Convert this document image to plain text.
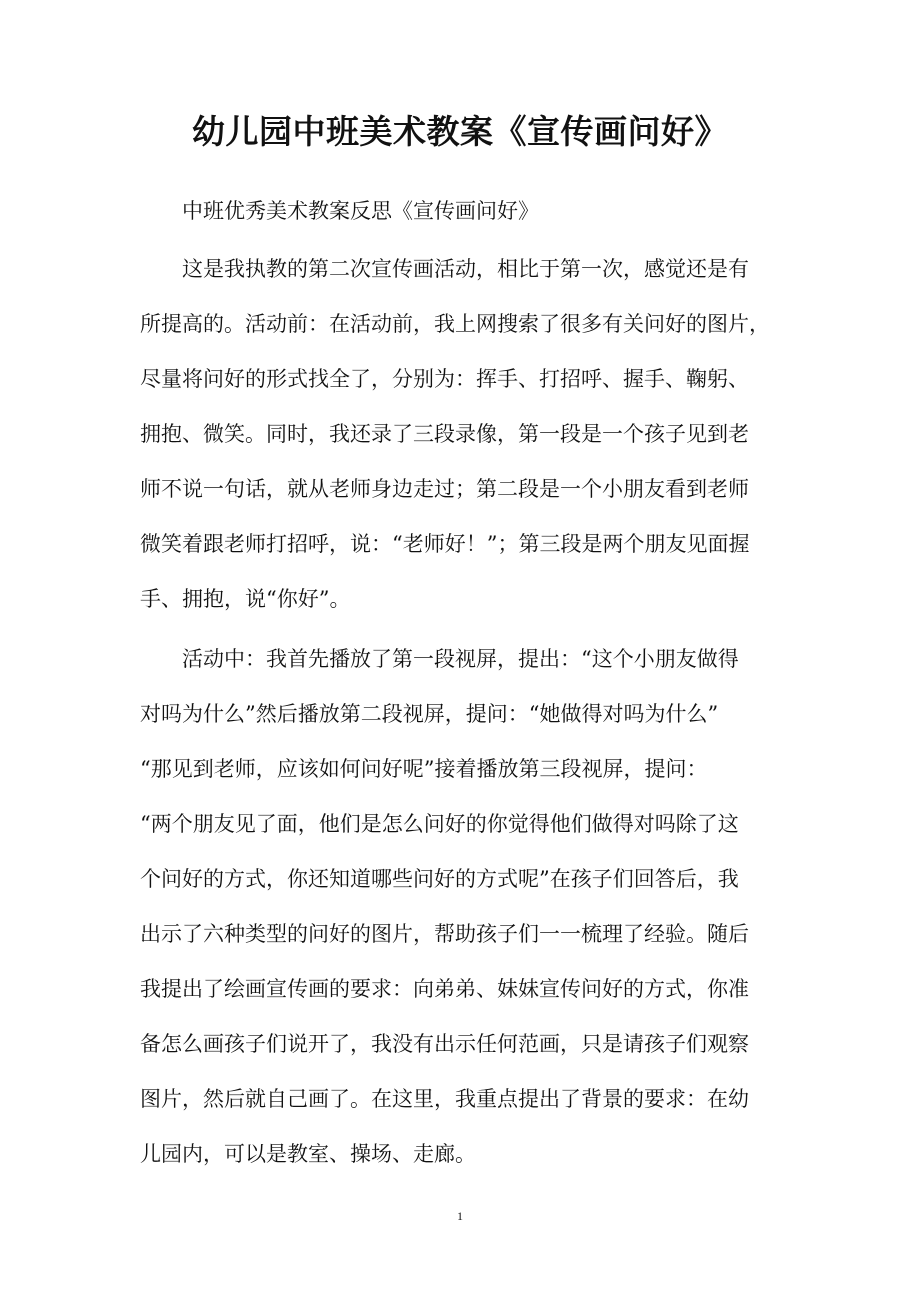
幼儿园中班美术教案《宣传画问好》
中班优秀美术教案反思《宣传画问好》
　　这是我执教的第二次宣传画活动，相比于第一次，感觉还是有
所提高的。活动前：在活动前，我上网搜索了很多有关问好的图片，
尽量将问好的形式找全了，分别为：挥手、打招呼、握手、鞠躬、
拥抱、微笑。同时，我还录了三段录像，第一段是一个孩子见到老
师不说一句话，就从老师身边走过；第二段是一个小朋友看到老师
微笑着跟老师打招呼，说：“老师好！”；第三段是两个朋友见面握
手、拥抱，说“你好”。
　　活动中：我首先播放了第一段视屏，提出：“这个小朋友做得
对吗为什么”然后播放第二段视屏，提问：“她做得对吗为什么”
“那见到老师，应该如何问好呢”接着播放第三段视屏，提问：
“两个朋友见了面，他们是怎么问好的你觉得他们做得对吗除了这
个问好的方式，你还知道哪些问好的方式呢”在孩子们回答后，我
出示了六种类型的问好的图片，帮助孩子们一一梳理了经验。随后
我提出了绘画宣传画的要求：向弟弟、妹妹宣传问好的方式，你准
备怎么画孩子们说开了，我没有出示任何范画，只是请孩子们观察
图片，然后就自己画了。在这里，我重点提出了背景的要求：在幼
儿园内，可以是教室、操场、走廊。
1
